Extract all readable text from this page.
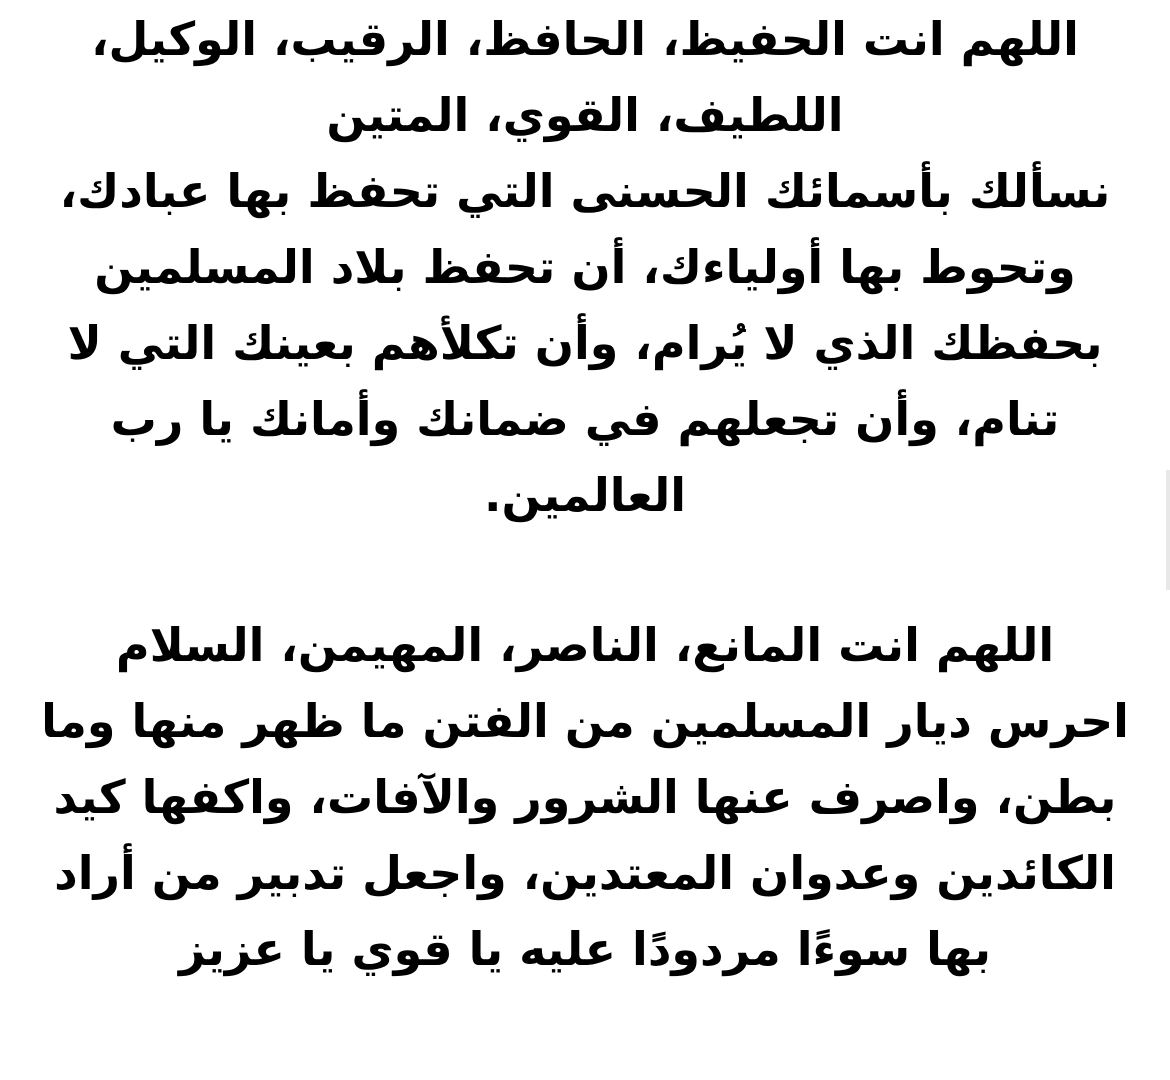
اللهم انت الحفيظ، الحافظ، الرقيب، الوكيل،
اللطيف، القوي، المتين
نسألك بأسمائك الحسنى التي تحفظ بها عبادك،
وتحوط بها أولياءك، أن تحفظ بلاد المسلمين
بحفظك الذي لا يُرام، وأن تكلأهم بعينك التي لا
تنام، وأن تجعلهم في ضمانك وأمانك يا رب
العالمين.
اللهم انت المانع، الناصر، المهيمن، السلام
احرس ديار المسلمين من الفتن ما ظهر منها وما
بطن، واصرف عنها الشرور والآفات، واكفها كيد
الكائدين وعدوان المعتدين، واجعل تدبير من أراد
بها سوءًا مردودًا عليه يا قوي يا عزيز
